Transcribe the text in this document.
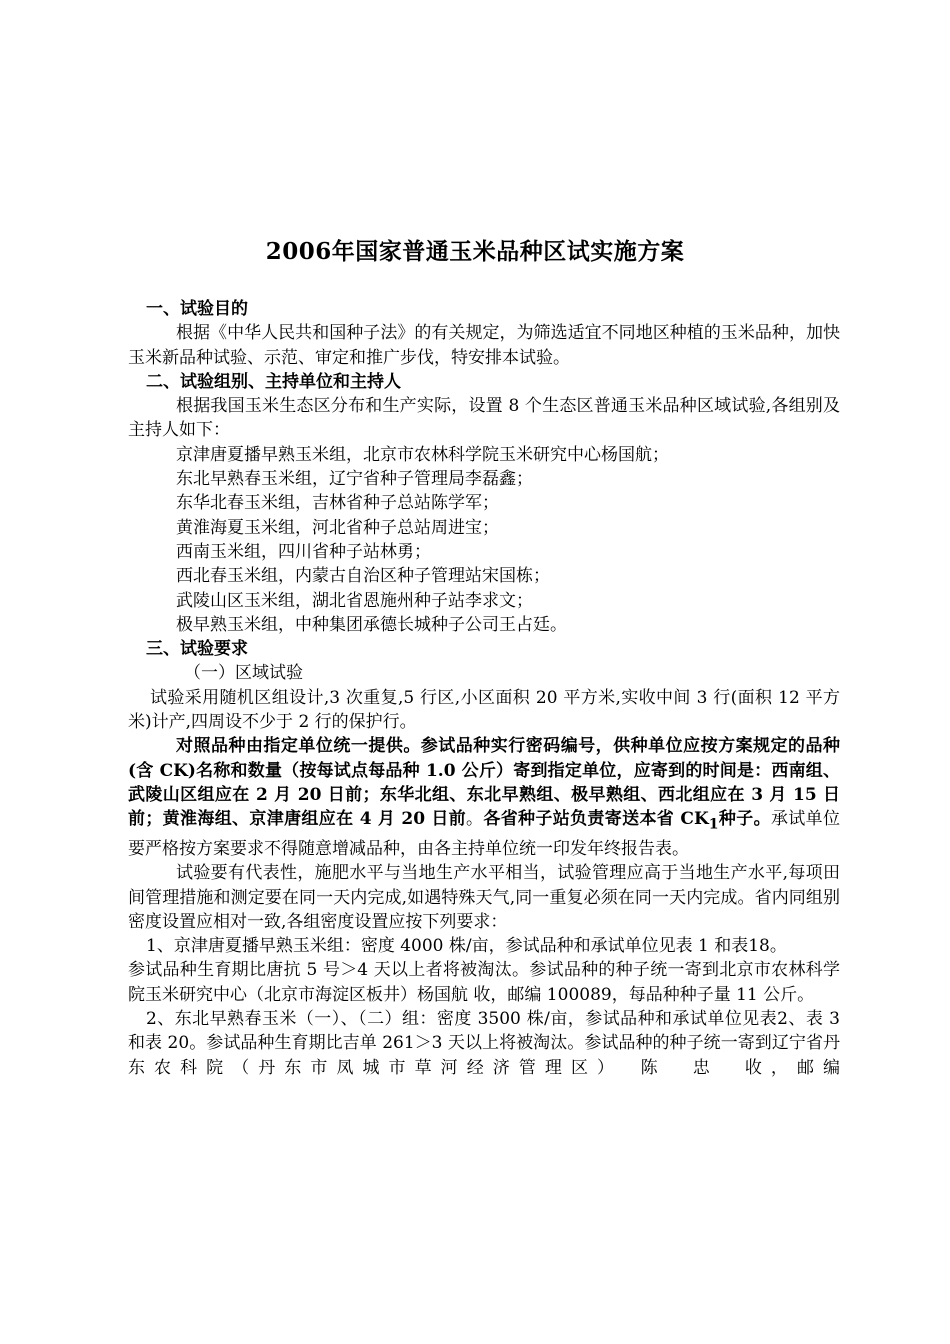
2006年国家普通玉米品种区试实施方案

一、试验目的

根据《中华人民共和国种子法》的有关规定，为筛选适宜不同地区种植的玉米品种，加快玉米新品种试验、示范、审定和推广步伐，特安排本试验。

二、试验组别、主持单位和主持人

根据我国玉米生态区分布和生产实际，设置 8 个生态区普通玉米品种区域试验,各组别及主持人如下：

京津唐夏播早熟玉米组，北京市农林科学院玉米研究中心杨国航；

东北早熟春玉米组，辽宁省种子管理局李磊鑫；

东华北春玉米组，吉林省种子总站陈学军；

黄淮海夏玉米组，河北省种子总站周进宝；

西南玉米组，四川省种子站林勇；

西北春玉米组，内蒙古自治区种子管理站宋国栋；

武陵山区玉米组，湖北省恩施州种子站李求文；

极早熟玉米组，中种集团承德长城种子公司王占廷。

三、试验要求

（一）区域试验

试验采用随机区组设计,3 次重复,5 行区,小区面积 20 平方米,实收中间 3 行(面积 12 平方米)计产,四周设不少于 2 行的保护行。

对照品种由指定单位统一提供。参试品种实行密码编号，供种单位应按方案规定的品种(含 CK)名称和数量（按每试点每品种 1.0 公斤）寄到指定单位，应寄到的时间是：西南组、武陵山区组应在 2 月 20 日前；东华北组、东北早熟组、极早熟组、西北组应在 3 月 15 日前；黄淮海组、京津唐组应在 4 月 20 日前。各省种子站负责寄送本省 $CK_1$种子。承试单位要严格按方案要求不得随意增减品种，由各主持单位统一印发年终报告表。

试验要有代表性，施肥水平与当地生产水平相当，试验管理应高于当地生产水平,每项田间管理措施和测定要在同一天内完成,如遇特殊天气,同一重复必须在同一天内完成。省内同组别密度设置应相对一致,各组密度设置应按下列要求：

1、京津唐夏播早熟玉米组：密度 4000 株/亩，参试品种和承试单位见表 1 和表18。

参试品种生育期比唐抗 5 号＞4 天以上者将被淘汰。参试品种的种子统一寄到北京市农林科学院玉米研究中心（北京市海淀区板井）杨国航 收，邮编 100089，每品种种子量 11 公斤。

2、东北早熟春玉米（一）、（二）组：密度 3500 株/亩，参试品种和承试单位见表2、表 3 和表 20。参试品种生育期比吉单 261＞3 天以上将被淘汰。参试品种的种子统一寄到辽宁省丹东农科院（丹东市凤城市草河经济管理区）　陈　忠　收，邮编
